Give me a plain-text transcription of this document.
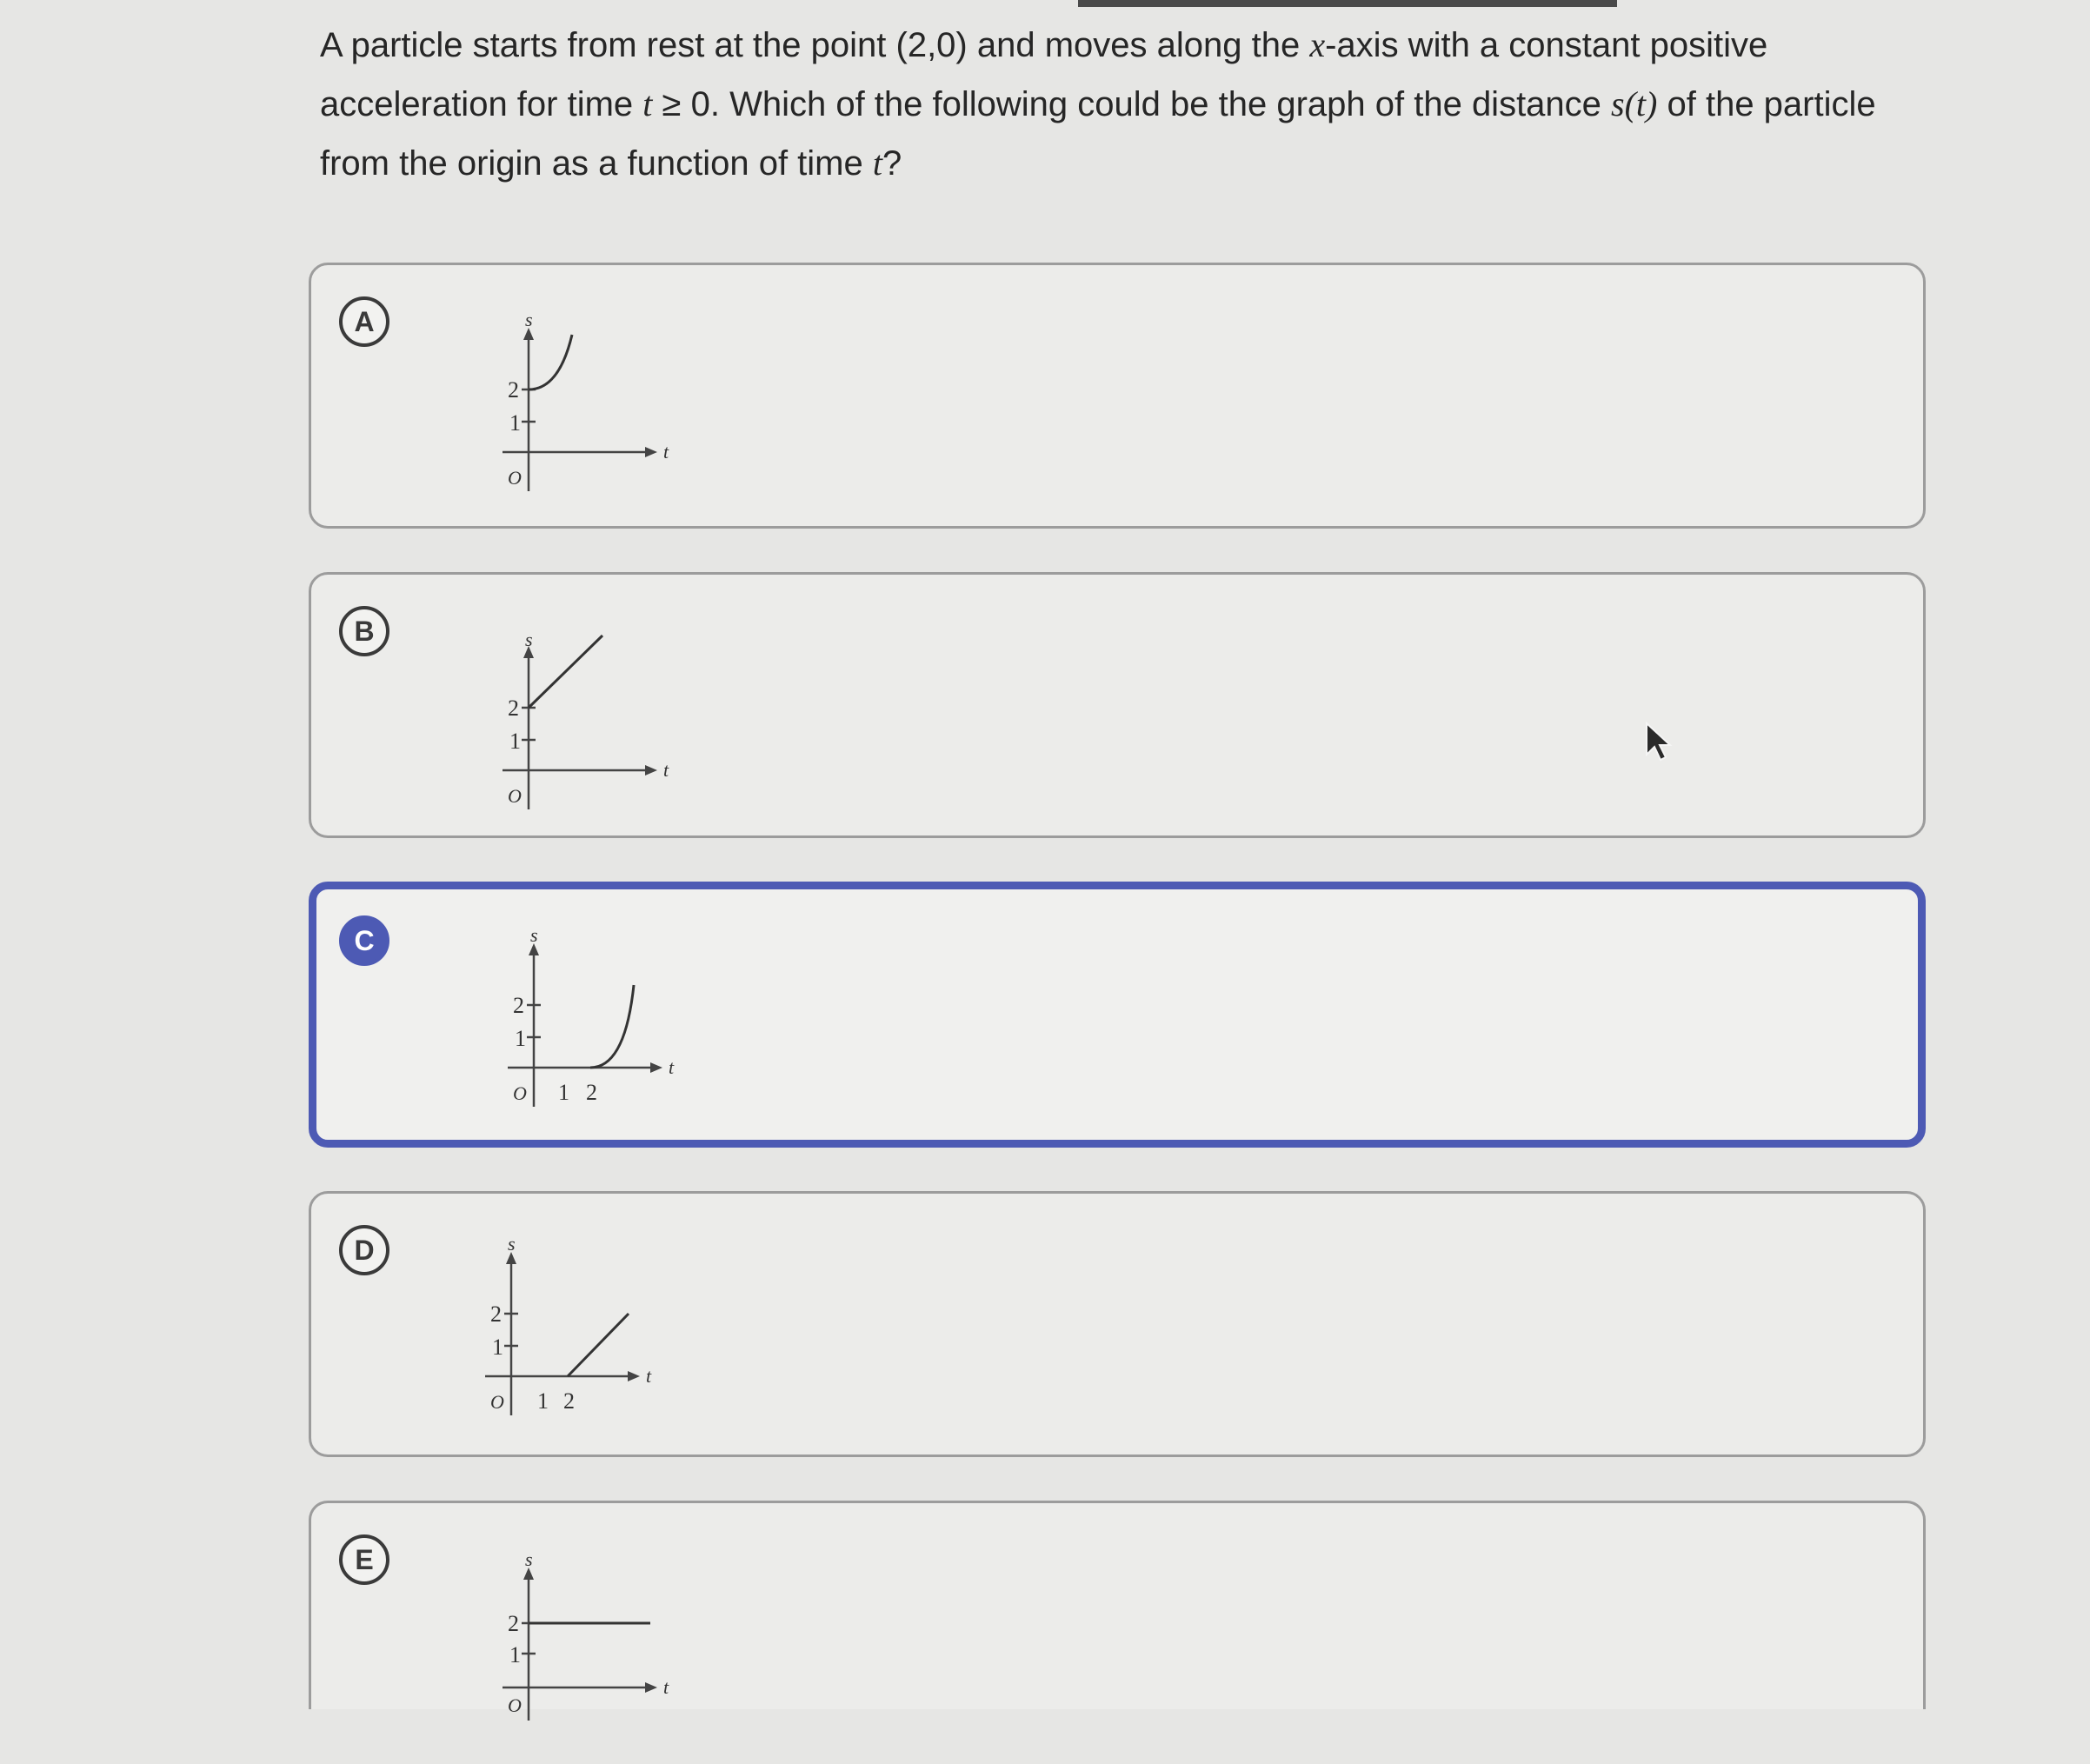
A particle starts from rest at the point (2,0) and moves along the x-axis with a constant positive acceleration for time t ≥ 0. Which of the following could be the graph of the distance s(t) of the particle from the origin as a function of time t?
A	s
t
2
1
O
B	s
t
2
1
O
C	s
t
2
1
O 1 2
D	s
t
2
1
O 1 2
E	s
t
2
1
O
